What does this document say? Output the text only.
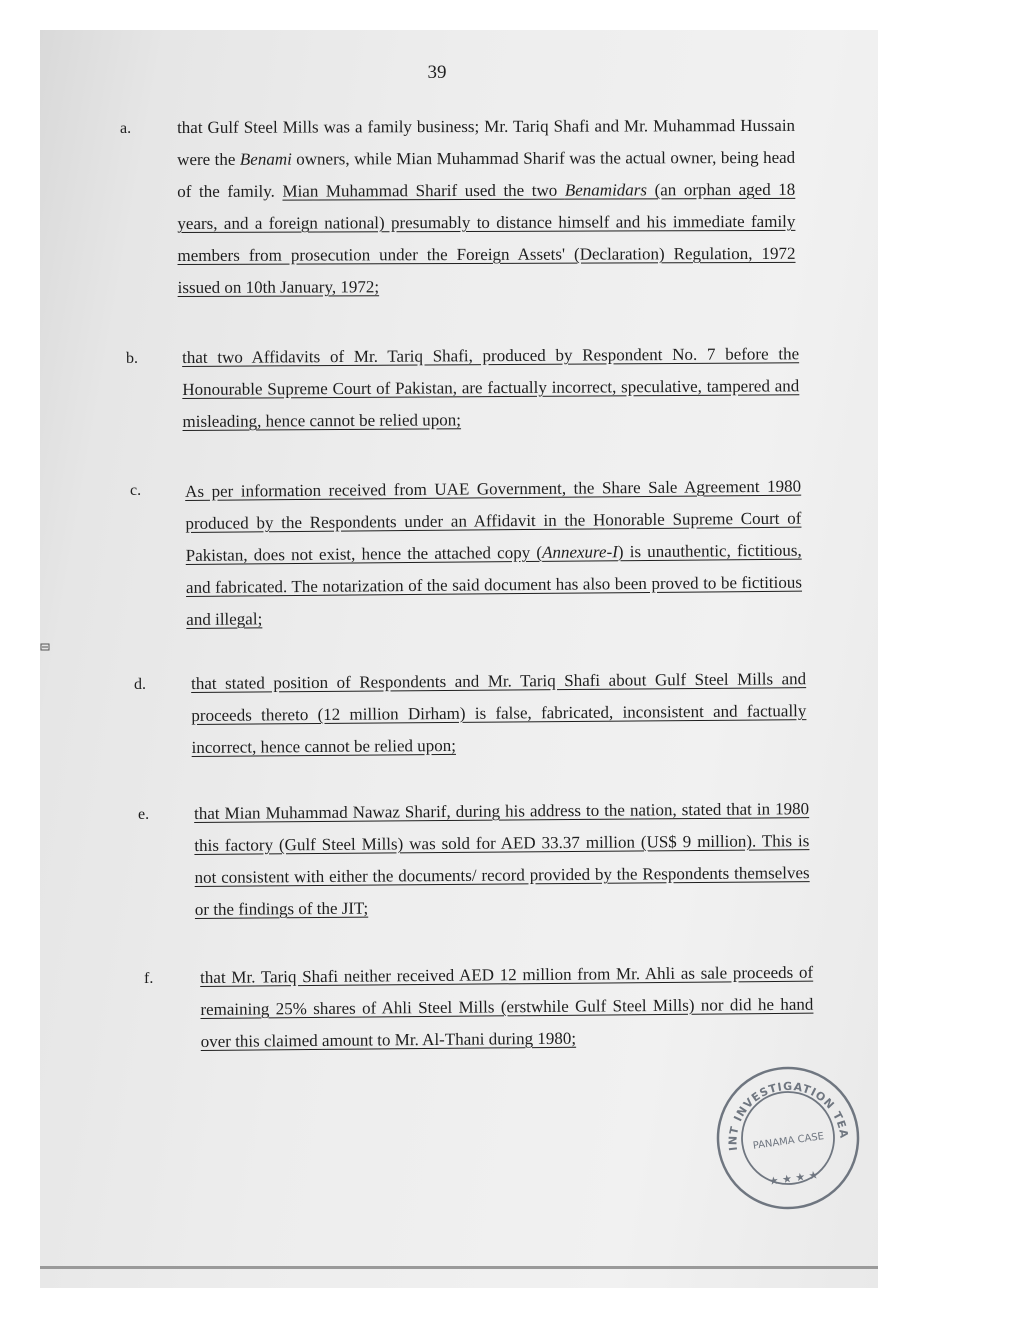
39
a.	that Gulf Steel Mills was a family business; Mr. Tariq Shafi and Mr. Muhammad Hussain were the Benami owners, while Mian Muhammad Sharif was the actual owner, being head of the family. Mian Muhammad Sharif used the two Benamidars (an orphan aged 18 years, and a foreign national) presumably to distance himself and his immediate family members from prosecution under the Foreign Assets' (Declaration) Regulation, 1972 issued on 10th January, 1972;

b.	that two Affidavits of Mr. Tariq Shafi, produced by Respondent No. 7 before the Honourable Supreme Court of Pakistan, are factually incorrect, speculative, tampered and misleading, hence cannot be relied upon;

c.	As per information received from UAE Government, the Share Sale Agreement 1980 produced by the Respondents under an Affidavit in the Honorable Supreme Court of Pakistan, does not exist, hence the attached copy (Annexure-I) is unauthentic, fictitious, and fabricated. The notarization of the said document has also been proved to be fictitious and illegal;

d.	that stated position of Respondents and Mr. Tariq Shafi about Gulf Steel Mills and proceeds thereto (12 million Dirham) is false, fabricated, inconsistent and factually incorrect, hence cannot be relied upon;

e.	that Mian Muhammad Nawaz Sharif, during his address to the nation, stated that in 1980 this factory (Gulf Steel Mills) was sold for AED 33.37 million (US$ 9 million). This is not consistent with either the documents/ record provided by the Respondents themselves or the findings of the JIT;

f.	that Mr. Tariq Shafi neither received AED 12 million from Mr. Ahli as sale proceeds of remaining 25% shares of Ahli Steel Mills (erstwhile Gulf Steel Mills) nor did he hand over this claimed amount to Mr. Al-Thani during 1980;

JOINT INVESTIGATION TEAM
PANAMA CASE
★ ★ ★ ★
